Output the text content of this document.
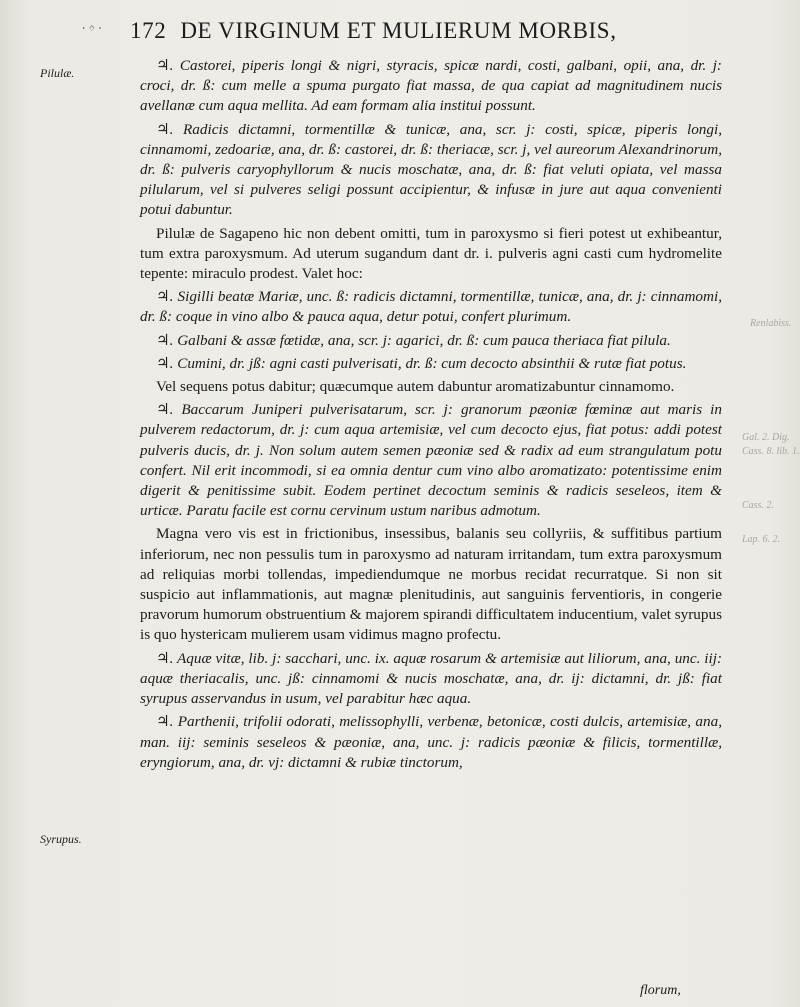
᛫ᛜ᛫ 172 DE VIRGINUM ET MULIERUM MORBIS,
Pilulæ.
Syrupus.
Renlabiss.
Gal. 2. Dig.
Cass. 8. lib. 1.
Cass. 2.
Lap. 6. 2.

♃. Castorei, piperis longi & nigri, styracis, spicæ nardi, costi, galbani, opii, ana, dr. j: croci, dr. ß: cum melle a spuma purgato fiat massa, de qua capiat ad magnitudinem nucis avellanæ cum aqua mellita. Ad eam formam alia institui possunt.

♃. Radicis dictamni, tormentillæ & tunicæ, ana, scr. j: costi, spicæ, piperis longi, cinnamomi, zedoariæ, ana, dr. ß: castorei, dr. ß: theriacæ, scr. j, vel aureorum Alexandrinorum, dr. ß: pulveris caryophyllorum & nucis moschatæ, ana, dr. ß: fiat veluti opiata, vel massa pilularum, vel si pulveres seligi possunt accipientur, & infusæ in jure aut aqua convenienti potui dabuntur.

Pilulæ de Sagapeno hic non debent omitti, tum in paroxysmo si fieri potest ut exhibeantur, tum extra paroxysmum. Ad uterum sugandum dant dr. i. pulveris agni casti cum hydromelite tepente: miraculo prodest. Valet hoc:

♃. Sigilli beatæ Mariæ, unc. ß: radicis dictamni, tormentillæ, tunicæ, ana, dr. j: cinnamomi, dr. ß: coque in vino albo & pauca aqua, detur potui, confert plurimum.

♃. Galbani & assæ fœtidæ, ana, scr. j: agarici, dr. ß: cum pauca theriaca fiat pilula.

♃. Cumini, dr. jß: agni casti pulverisati, dr. ß: cum decocto absinthii & rutæ fiat potus.

Vel sequens potus dabitur; quæcumque autem dabuntur aromatizabuntur cinnamomo.

♃. Baccarum Juniperi pulverisatarum, scr. j: granorum pæoniæ fœminæ aut maris in pulverem redactorum, dr. j: cum aqua artemisiæ, vel cum decocto ejus, fiat potus: addi potest pulveris ducis, dr. j. Non solum autem semen pæoniæ sed & radix ad eum strangulatum potu confert. Nil erit incommodi, si ea omnia dentur cum vino albo aromatizato: potentissime enim digerit & penitissime subit. Eodem pertinet decoctum seminis & radicis seseleos, item & urticæ. Paratu facile est cornu cervinum ustum naribus admotum.

Magna vero vis est in frictionibus, insessibus, balanis seu collyriis, & suffitibus partium inferiorum, nec non pessulis tum in paroxysmo ad naturam irritandam, tum extra paroxysmum ad reliquias morbi tollendas, impediendumque ne morbus recidat recurratque. Si non sit suspicio aut inflammationis, aut magnæ plenitudinis, aut sanguinis ferventioris, in congerie pravorum humorum obstruentium & majorem spirandi difficultatem inducentium, valet syrupus is quo hystericam mulierem usam vidimus magno profectu.

♃. Aquæ vitæ, lib. j: sacchari, unc. ix. aquæ rosarum & artemisiæ aut liliorum, ana, unc. iij: aquæ theriacalis, unc. jß: cinnamomi & nucis moschatæ, ana, dr. ij: dictamni, dr. jß: fiat syrupus asservandus in usum, vel parabitur hæc aqua.

♃. Parthenii, trifolii odorati, melissophylli, verbenæ, betonicæ, costi dulcis, artemisiæ, ana, man. iij: seminis seseleos & pæoniæ, ana, unc. j: radicis pæoniæ & filicis, tormentillæ, eryngiorum, ana, dr. vj: dictamni & rubiæ tinctorum,

florum,
